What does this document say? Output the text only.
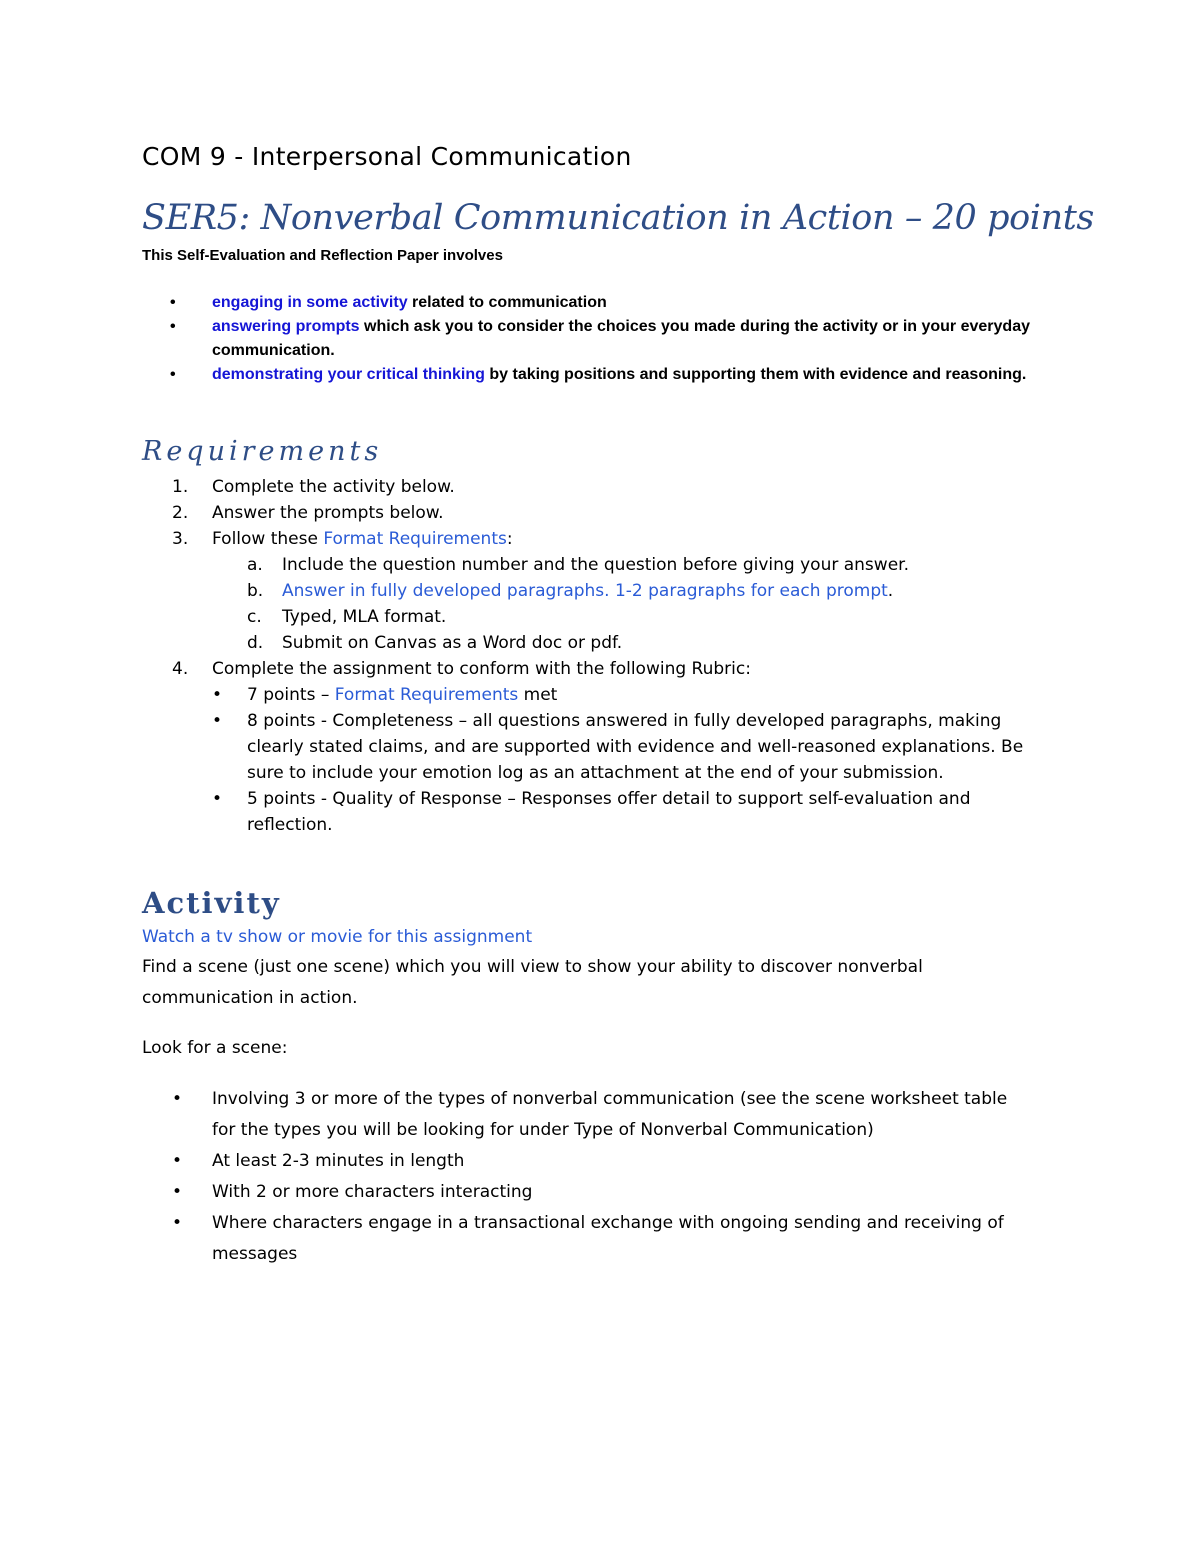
COM 9 - Interpersonal Communication
SER5: Nonverbal Communication in Action – 20 points
This Self-Evaluation and Reflection Paper involves
• engaging in some activity related to communication
• answering prompts which ask you to consider the choices you made during the activity or in your everyday
communication.
• demonstrating your critical thinking by taking positions and supporting them with evidence and reasoning.
Requirements
1. Complete the activity below.
2. Answer the prompts below.
3. Follow these Format Requirements:
a. Include the question number and the question before giving your answer.
b. Answer in fully developed paragraphs. 1-2 paragraphs for each prompt.
c. Typed, MLA format.
d. Submit on Canvas as a Word doc or pdf.
4. Complete the assignment to conform with the following Rubric:
• 7 points – Format Requirements met
• 8 points - Completeness – all questions answered in fully developed paragraphs, making
clearly stated claims, and are supported with evidence and well-reasoned explanations. Be
sure to include your emotion log as an attachment at the end of your submission.
• 5 points - Quality of Response – Responses offer detail to support self-evaluation and
reflection.
Activity
Watch a tv show or movie for this assignment
Find a scene (just one scene) which you will view to show your ability to discover nonverbal
communication in action.
Look for a scene:
• Involving 3 or more of the types of nonverbal communication (see the scene worksheet table
for the types you will be looking for under Type of Nonverbal Communication)
• At least 2-3 minutes in length
• With 2 or more characters interacting
• Where characters engage in a transactional exchange with ongoing sending and receiving of
messages
